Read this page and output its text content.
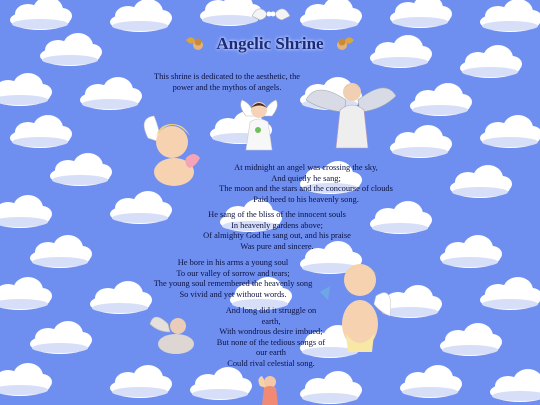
Angelic Shrine
This shrine is dedicated to the aesthetic, the
power and the mythos of angels.
At midnight an angel was crossing the sky,
And quietly he sang;
The moon and the stars and the concourse of clouds
Paid heed to his heavenly song.
He sang of the bliss of the innocent souls
In heavenly gardens above;
Of almighty God he sang out, and his praise
Was pure and sincere.
He bore in his arms a young soul
To our valley of sorrow and tears;
The young soul remembered the heavenly song
So vivid and yet without words.
And long did it struggle on
earth,
With wondrous desire imbued;
But none of the tedious songs of
our earth
Could rival celestial song.
